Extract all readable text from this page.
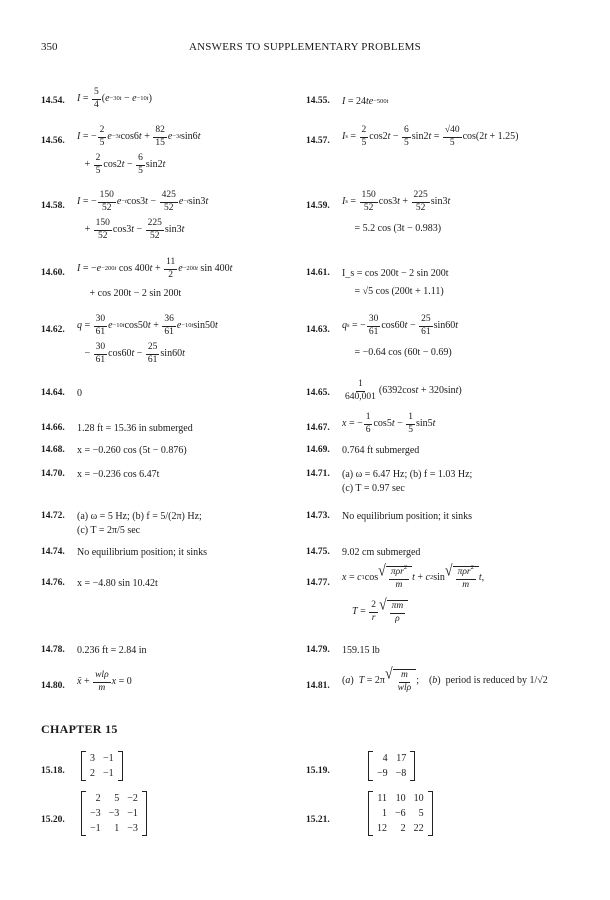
350	ANSWERS TO SUPPLEMENTARY PROBLEMS
14.54. $I = \frac{5}{4}$ ( e −30t − e −10t )	14.55. I = 24 te −500t
14.56. I = − $\frac{2}{5}$ e −3t cos6 $t + \frac{82}{15}$ e −3t sin6 t
+ $\frac{2}{5} \cos 2$ $t - \frac{6}{5} \sin 2$ t
14.57. I $s = \frac{2}{5} \cos 2$ $t - \frac{6}{5} \sin 2$ $t = \frac{√40}{5} \cos(2$ t + 1.25)
14.58. I = − $\frac{150}{52}$ e −t cos3 $t - \frac{425}{52}$ e −t sin3 t
+ $\frac{150}{52} \cos 3$ $t - \frac{225}{52} \sin 3$ t
14.59. I $s = \frac{150}{52} \cos 3$ $t + \frac{225}{52} \sin 3$ t

= 5.2 cos (3t − 0.983)
14.60. I = − e −200t cos 400 $t + \frac{11}{2}$ e −200t sin 400 t

+ cos 200t − 2 sin 200t
14.61. I_s = cos 200t − 2 sin 200t

= √5 cos (200t + 1.11)
14.62. $q = \frac{30}{61}$ e −10t cos50 $t + \frac{36}{61}$ e −10t sin50 t
− $\frac{30}{61} \cos 60$ $t - \frac{25}{61} \sin 60$ t
14.63. q s = − $\frac{30}{61} \cos 60$ $t - \frac{25}{61} \sin 60$ t

= −0.64 cos (60t − 0.69)
14.64. 0	14.65. $\frac{1}{640,001} (6392\cos$ t + 320sin t )
14.66. 1.28 ft = 15.36 in submerged	14.67. x = − $\frac{1}{6} \cos 5$ $t - \frac{1}{5} \sin 5$ t
14.68. x = −0.260 cos (5t − 0.876)	14.69. 0.764 ft submerged
14.70. x = −0.236 cos 6.47t	14.71. (a) ω = 6.47 Hz; (b) f = 1.03 Hz;
(c) T = 0.97 sec
14.72. (a) ω = 5 Hz; (b) f = 5/(2π) Hz;
(c) T = 2π/5 sec
14.73. No equilibrium position; it sinks
14.74. No equilibrium position; it sinks	14.75. 9.02 cm submerged
14.76. x = −4.80 sin 10.42t	14.77. x = c 1 cos √ $\frac{\pi\rho r^2}{m}$ t + c 2 sin √ $\frac{\pi\rho r^2}{m}$ t ,

$T = \frac{2}{r}$ √ $\frac{\pi m}{\rho}$
14.78. 0.236 ft = 2.84 in	14.79. 159.15 lb
14.80. ẍ + $\frac{\text{wlρ}}{m}$ x = 0	14.81. ( a ) T = 2π √ $\frac{m}{\text{wlρ}}$ ;    ( b )  period is reduced by 1/√2
CHAPTER 15
15.18.
3	−1
2	−1	15.19.
4	17
−9	−8
15.20.
2	5	−2
−3	−3	−1
−1	1	−3
15.21.
11	10	10
1	−6	5
12	2	22
